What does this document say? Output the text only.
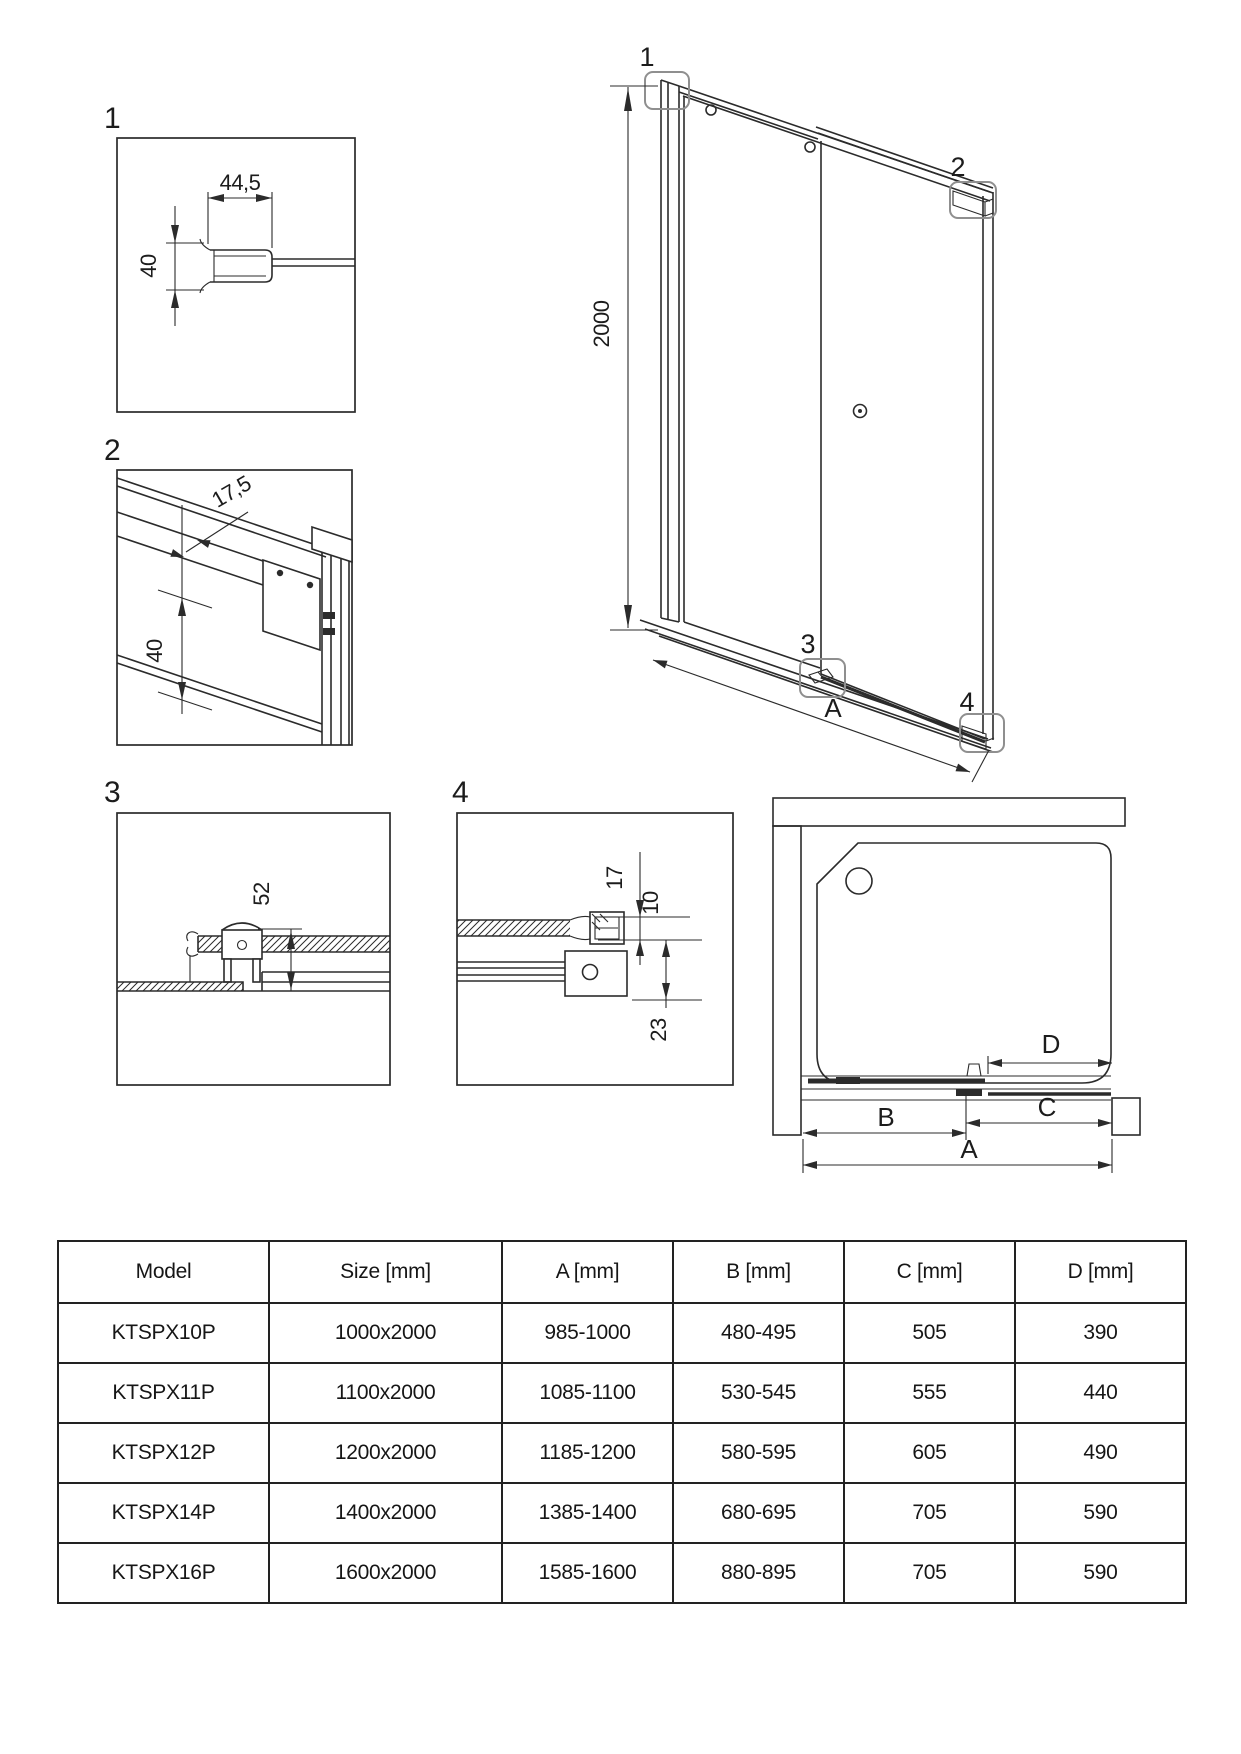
1
44,5
40
2
17,5
40
3
52
4
17
10
23
1
2
3
4
2000
A
D
C
B
A
Model	Size [mm]	A [mm]	B [mm]	C [mm]	D [mm]
KTSPX10P	1000x2000	985-1000	480-495	505	390
KTSPX11P	1100x2000	1085-1100	530-545	555	440
KTSPX12P	1200x2000	1185-1200	580-595	605	490
KTSPX14P	1400x2000	1385-1400	680-695	705	590
KTSPX16P	1600x2000	1585-1600	880-895	705	590
